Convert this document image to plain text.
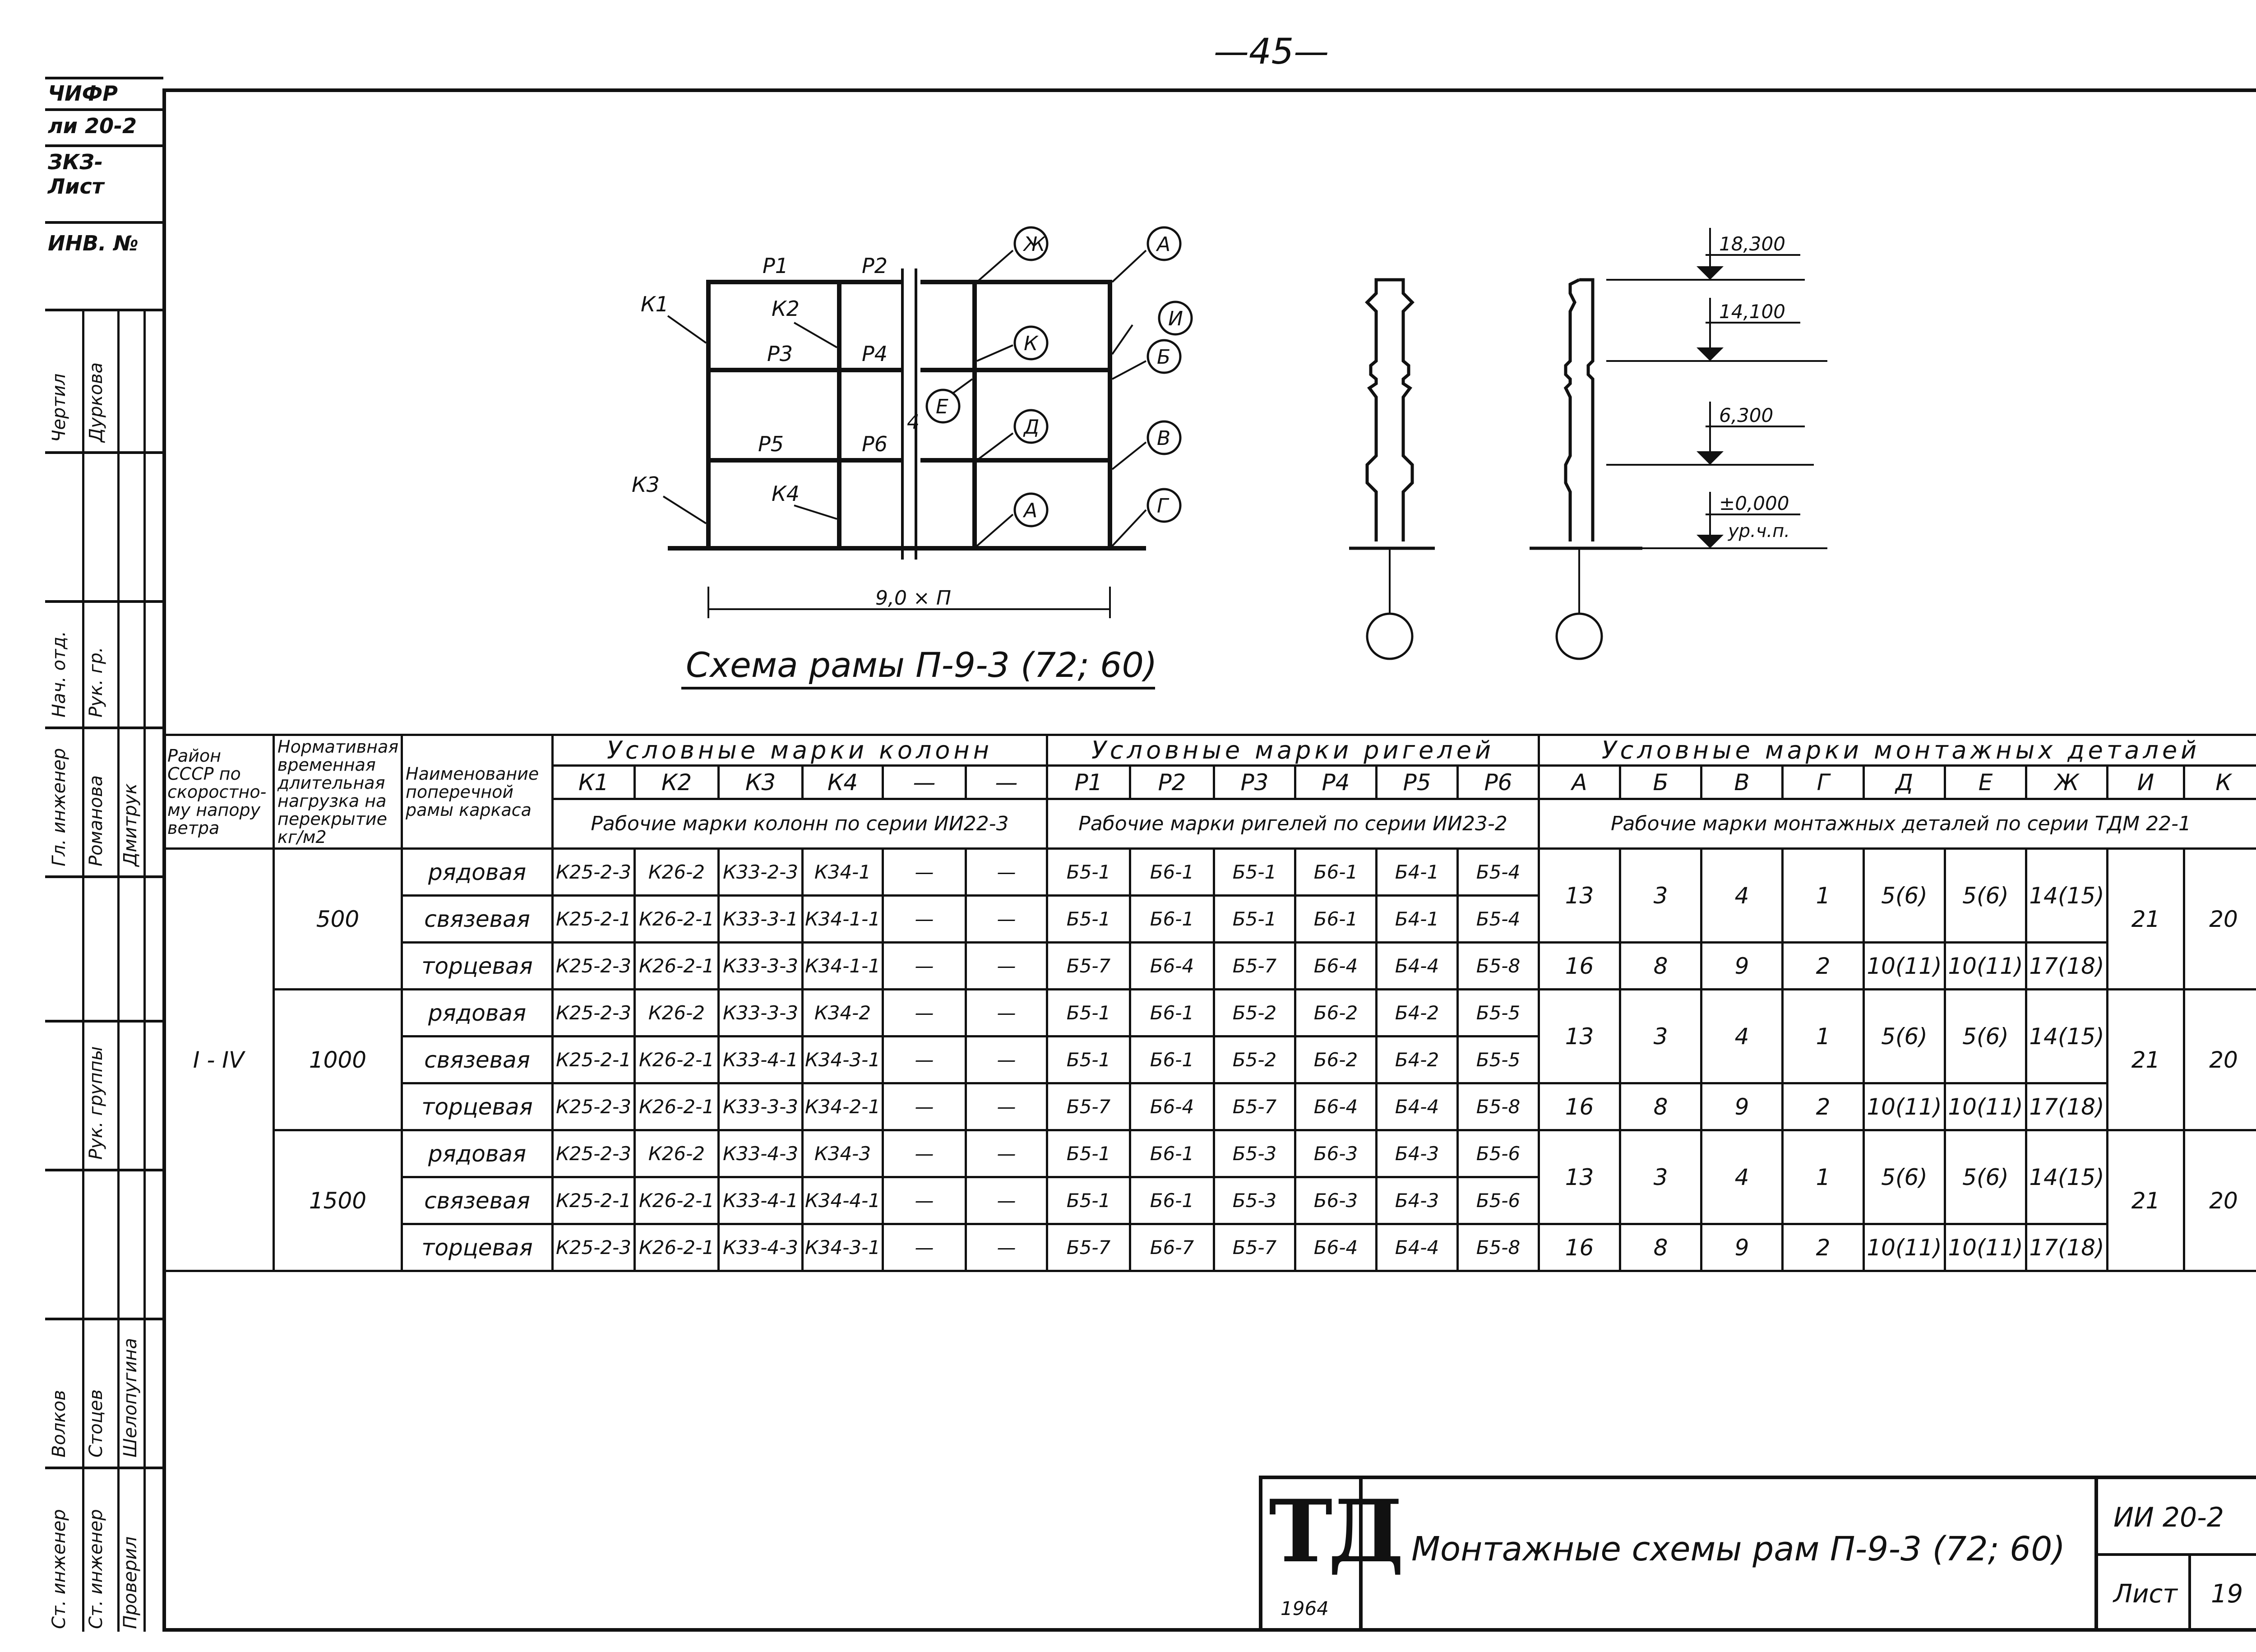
—45—
ЧИФР
ли 20-2
ЗКЗ- Лист
ИНВ. №
Чертил Дуркова
Нач. отд. Рук. гр.
Гл. инженер Романова Дмитрук
Рук. группы
Волков Стоцев Шелопугина
Ст. инженер Ст. инженер Проверил
9,0 × П
Р1	Р2
Р3	Р4
Р5	Р6
К1	К2
К3	К4
4
Ж	А
И
К
Б
Е
Д	В
А	Г
Схема рамы П-9-3 (72; 60)
18,300
14,100
6,300
±0,000
ур.ч.п.
Район СССР по скоростно-му напору ветра	Нормативная временная длительная нагрузка на перекрытие кг/м2	Наименование поперечной рамы каркаса	Условные марки колонн						Условные марки ригелей						Условные марки монтажных деталей								
			К1	К2	К3	К4	—	—	Р1	Р2	Р3	Р4	Р5	Р6	А	Б	В	Г	Д	Е	Ж	И	К
			Рабочие марки колонн по серии ИИ22-3						Рабочие марки ригелей по серии ИИ23-2						Рабочие марки монтажных деталей по серии ТДМ 22-1								
I - IV	500	рядовая	К25-2-3	К26-2	К33-2-3	К34-1	—	—	Б5-1	Б6-1	Б5-1	Б6-1	Б4-1	Б5-4	13	3	4	1	5(6)	5(6)	14(15)	21	20
		связевая	К25-2-1	К26-2-1	К33-3-1	К34-1-1	—	—	Б5-1	Б6-1	Б5-1	Б6-1	Б4-1	Б5-4									
		торцевая	К25-2-3	К26-2-1	К33-3-3	К34-1-1	—	—	Б5-7	Б6-4	Б5-7	Б6-4	Б4-4	Б5-8	16	8	9	2	10(11)	10(11)	17(18)		
	1000	рядовая	К25-2-3	К26-2	К33-3-3	К34-2	—	—	Б5-1	Б6-1	Б5-2	Б6-2	Б4-2	Б5-5	13	3	4	1	5(6)	5(6)	14(15)	21	20
		связевая	К25-2-1	К26-2-1	К33-4-1	К34-3-1	—	—	Б5-1	Б6-1	Б5-2	Б6-2	Б4-2	Б5-5									
		торцевая	К25-2-3	К26-2-1	К33-3-3	К34-2-1	—	—	Б5-7	Б6-4	Б5-7	Б6-4	Б4-4	Б5-8	16	8	9	2	10(11)	10(11)	17(18)		
	1500	рядовая	К25-2-3	К26-2	К33-4-3	К34-3	—	—	Б5-1	Б6-1	Б5-3	Б6-3	Б4-3	Б5-6	13	3	4	1	5(6)	5(6)	14(15)	21	20
		связевая	К25-2-1	К26-2-1	К33-4-1	К34-4-1	—	—	Б5-1	Б6-1	Б5-3	Б6-3	Б4-3	Б5-6									
		торцевая	К25-2-3	К26-2-1	К33-4-3	К34-3-1	—	—	Б5-7	Б6-7	Б5-7	Б6-4	Б4-4	Б5-8	16	8	9	2	10(11)	10(11)	17(18)		
ТД
1964
Монтажные схемы рам П-9-3 (72; 60)
ИИ 20-2
Лист 19
